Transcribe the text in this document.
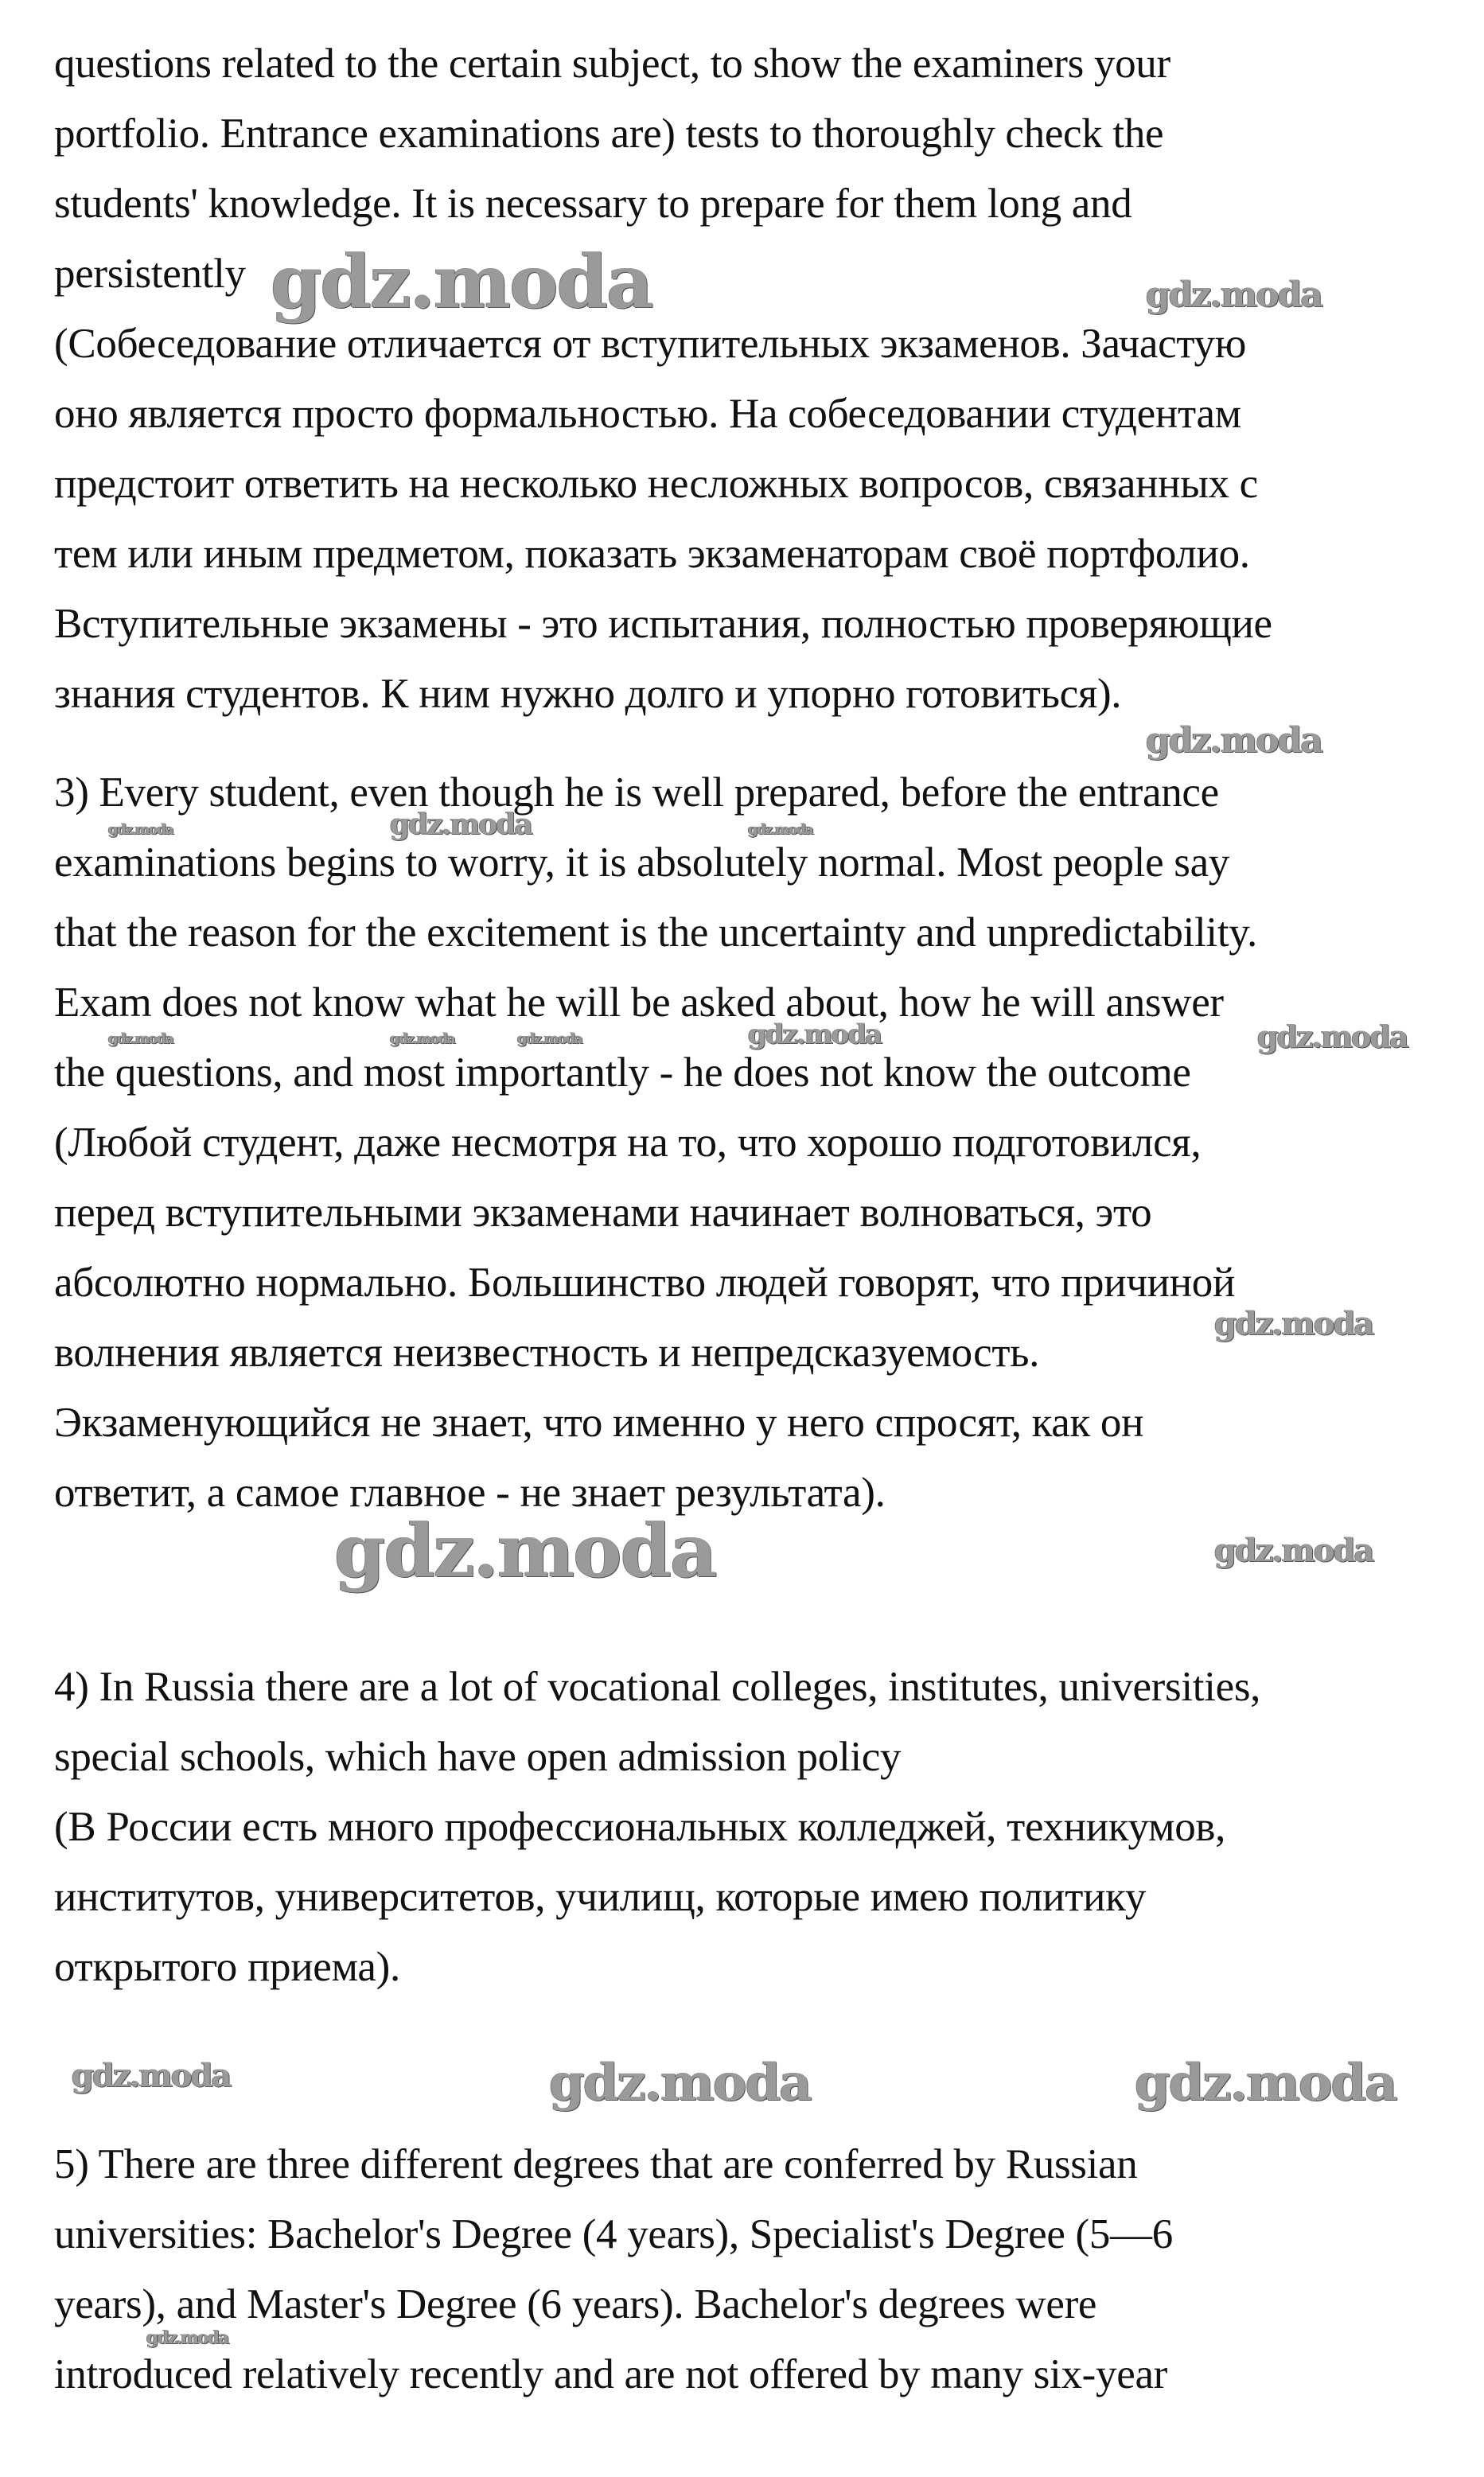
questions related to the certain subject, to show the examiners your
portfolio. Entrance examinations are) tests to thoroughly check the
students' knowledge. It is necessary to prepare for them long and
persistently
(Собеседование отличается от вступительных экзаменов. Зачастую
оно является просто формальностью. На собеседовании студентам
предстоит ответить на несколько несложных вопросов, связанных с
тем или иным предметом, показать экзаменаторам своё портфолио.
Вступительные экзамены - это испытания, полностью проверяющие
знания студентов. К ним нужно долго и упорно готовиться).
3) Every student, even though he is well prepared, before the entrance
examinations begins to worry, it is absolutely normal. Most people say
that the reason for the excitement is the uncertainty and unpredictability.
Exam does not know what he will be asked about, how he will answer
the questions, and most importantly - he does not know the outcome
(Любой студент, даже несмотря на то, что хорошо подготовился,
перед вступительными экзаменами начинает волноваться, это
абсолютно нормально. Большинство людей говорят, что причиной
волнения является неизвестность и непредсказуемость.
Экзаменующийся не знает, что именно у него спросят, как он
ответит, а самое главное - не знает результата).
4) In Russia there are a lot of vocational colleges, institutes, universities,
special schools, which have open admission policy
(В России есть много профессиональных колледжей, техникумов,
институтов, университетов, училищ, которые имею политику
открытого приема).
5) There are three different degrees that are conferred by Russian
universities: Bachelor's Degree (4 years), Specialist's Degree (5—6
years), and Master's Degree (6 years). Bachelor's degrees were
introduced relatively recently and are not offered by many six-year
gdz.moda	gdz.moda
gdz.moda
gdz.moda	gdz.moda	gdz.moda
gdz.moda	gdz.moda	gdz.moda	gdz.moda	gdz.moda
gdz.moda
gdz.moda	gdz.moda
gdz.moda	gdz.moda	gdz.moda
gdz.moda
